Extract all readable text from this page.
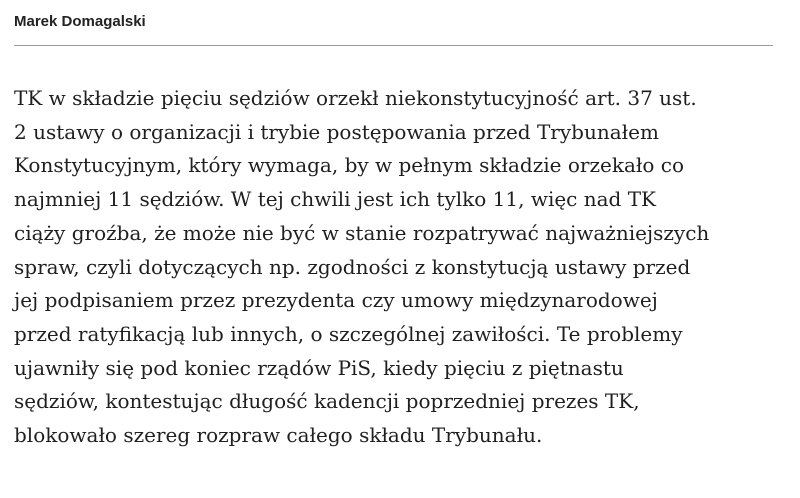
Marek Domagalski

TK w składzie pięciu sędziów orzekł niekonstytucyjność art. 37 ust.
2 ustawy o organizacji i trybie postępowania przed Trybunałem
Konstytucyjnym, który wymaga, by w pełnym składzie orzekało co
najmniej 11 sędziów. W tej chwili jest ich tylko 11, więc nad TK
ciąży groźba, że może nie być w stanie rozpatrywać najważniejszych
spraw, czyli dotyczących np. zgodności z konstytucją ustawy przed
jej podpisaniem przez prezydenta czy umowy międzynarodowej
przed ratyfikacją lub innych, o szczególnej zawiłości. Te problemy
ujawniły się pod koniec rządów PiS, kiedy pięciu z piętnastu
sędziów, kontestując długość kadencji poprzedniej prezes TK,
blokowało szereg rozpraw całego składu Trybunału.
